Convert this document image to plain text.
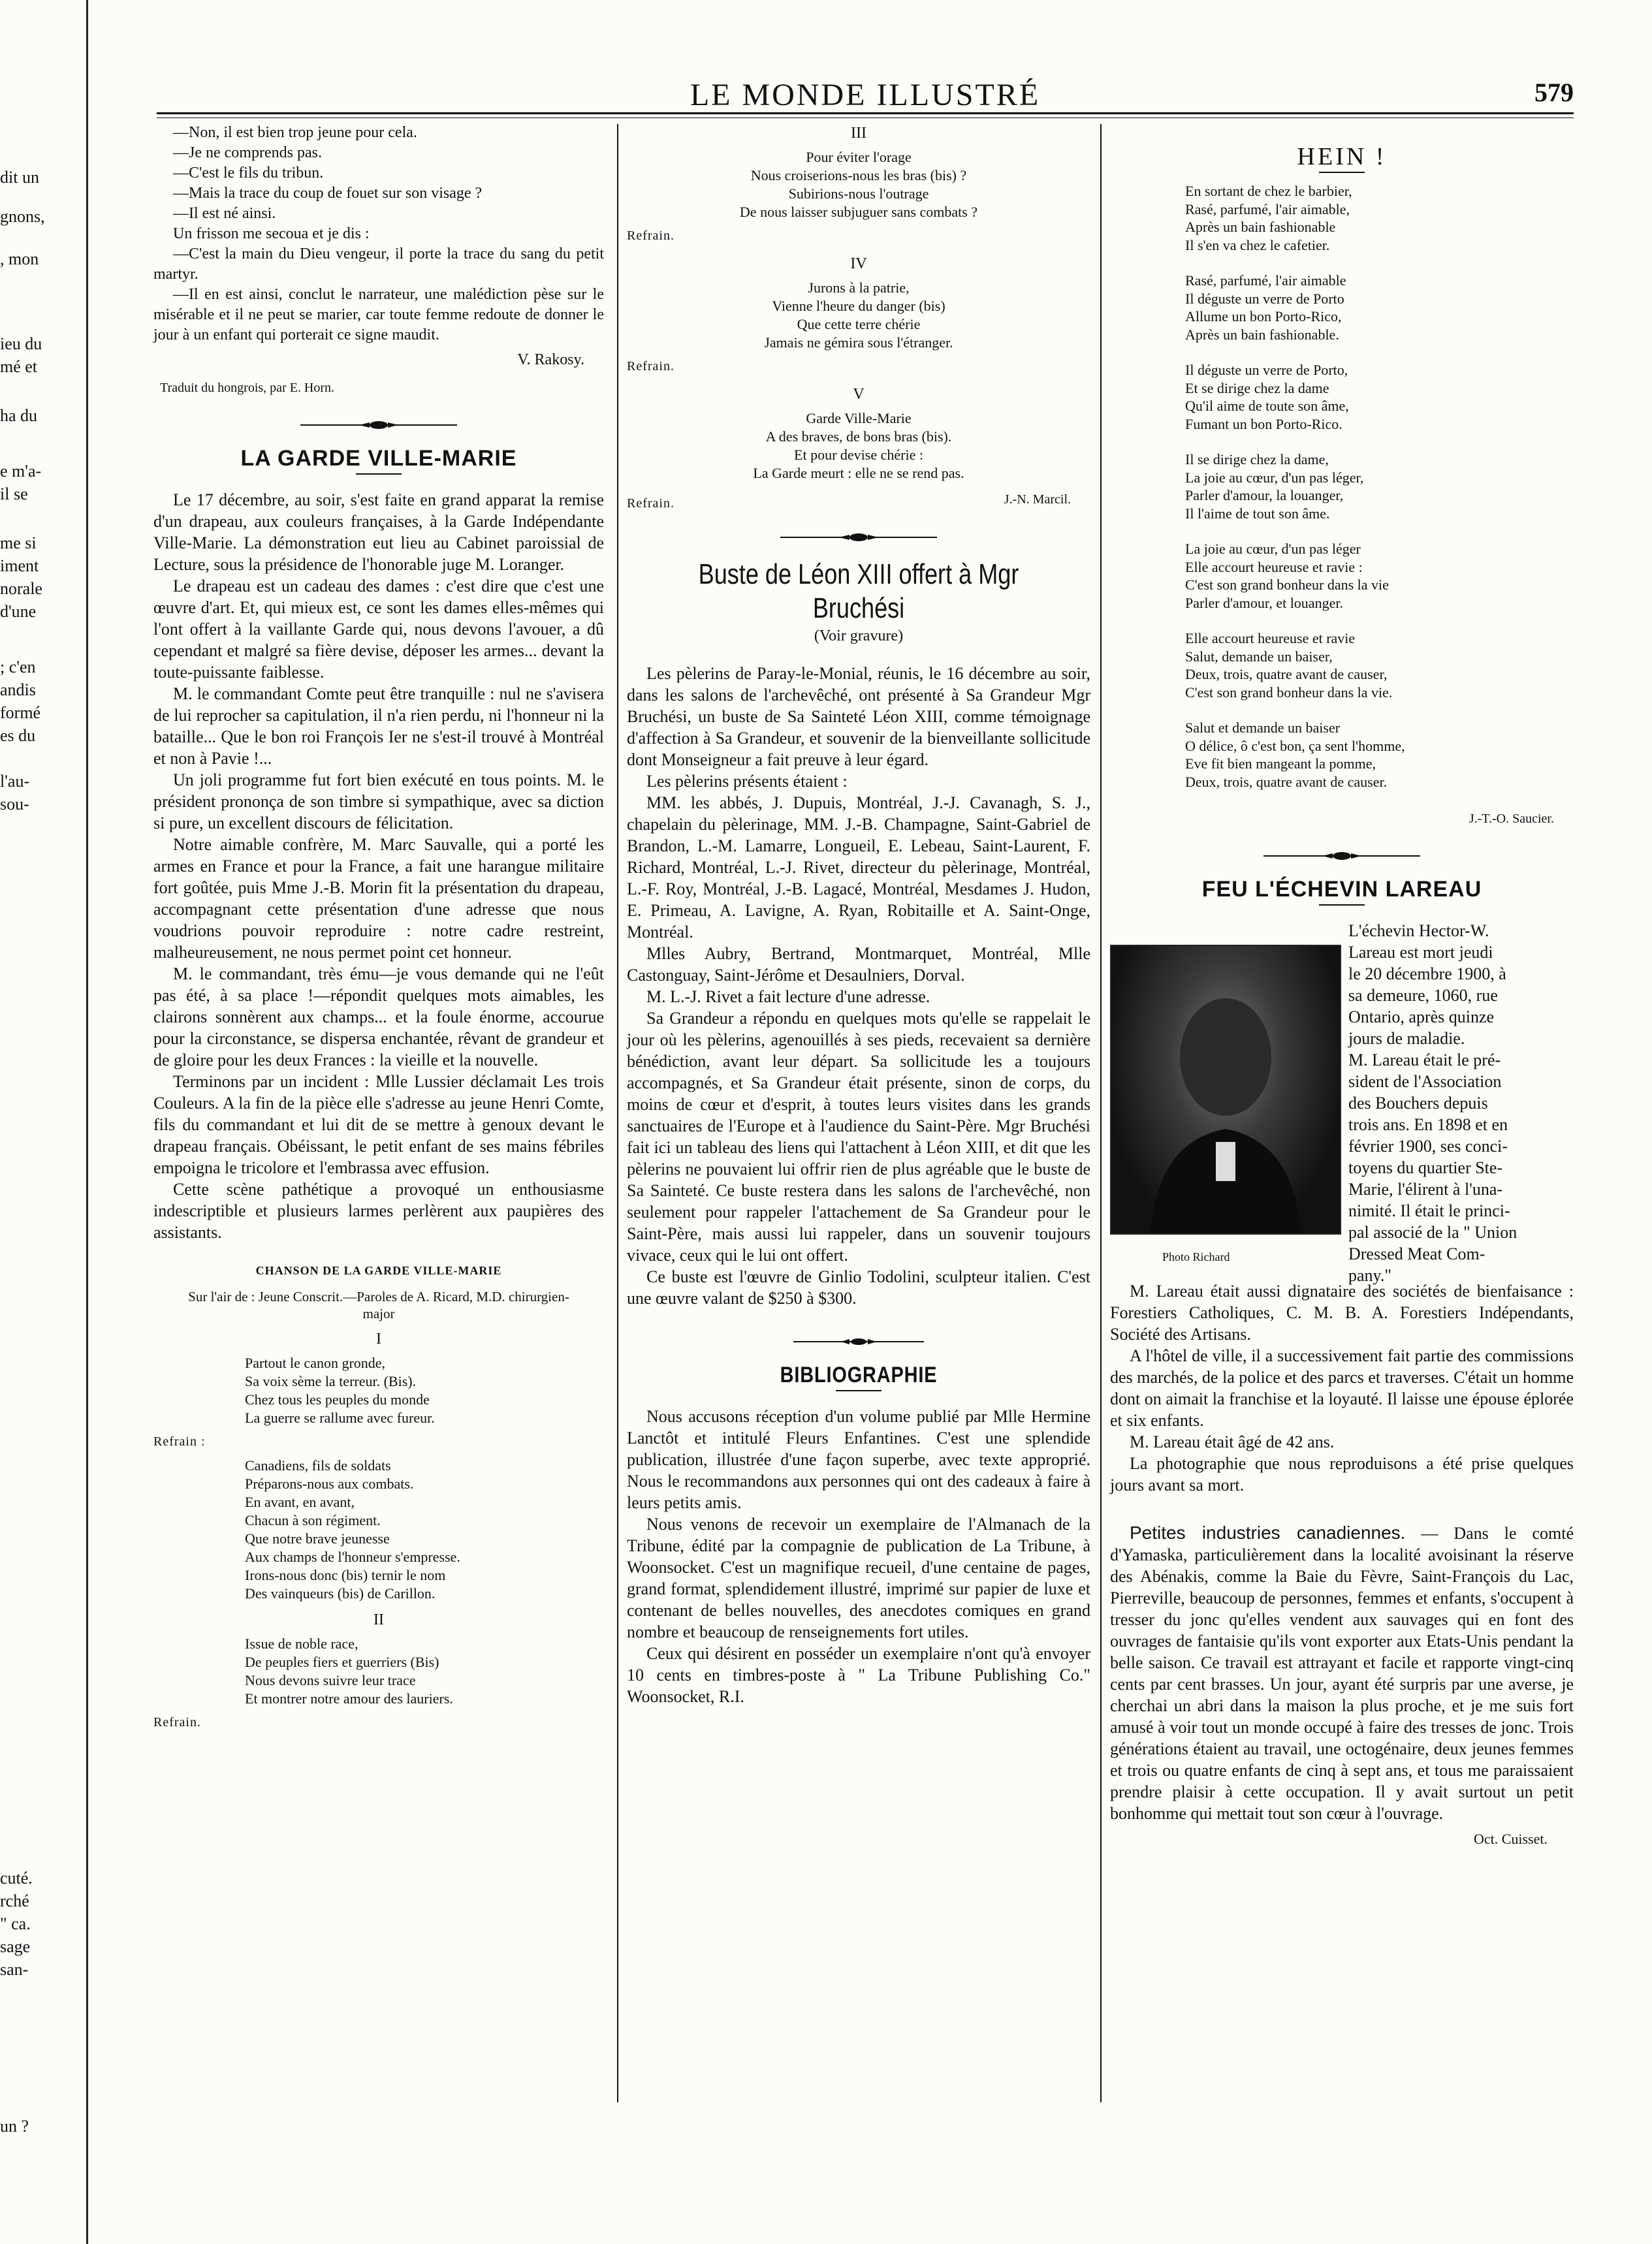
dit un
gnons,
, mon
ieu du
mé et
ha du
e m'a-
il se
me si
iment
norale
d'une
; c'en
andis
formé
es du
l'au-
sou-
cuté.
rché
" ca.
sage
san-
un ?
LE MONDE ILLUSTRÉ	579

—Non, il est bien trop jeune pour cela.

—Je ne comprends pas.

—C'est le fils du tribun.

—Mais la trace du coup de fouet sur son visage ?

—Il est né ainsi.

Un frisson me secoua et je dis :

—C'est la main du Dieu vengeur, il porte la trace du sang du petit martyr.

—Il en est ainsi, conclut le narrateur, une malédiction pèse sur le misérable et il ne peut se marier, car toute femme redoute de donner le jour à un enfant qui porterait ce signe maudit.

V. Rakosy.

Traduit du hongrois, par E. Horn.

LA GARDE VILLE-MARIE

Le 17 décembre, au soir, s'est faite en grand apparat la remise d'un drapeau, aux couleurs françaises, à la Garde Indépendante Ville-Marie. La démonstration eut lieu au Cabinet paroissial de Lecture, sous la présidence de l'honorable juge M. Loranger.

Le drapeau est un cadeau des dames : c'est dire que c'est une œuvre d'art. Et, qui mieux est, ce sont les dames elles-mêmes qui l'ont offert à la vaillante Garde qui, nous devons l'avouer, a dû cependant et malgré sa fière devise, déposer les armes... devant la toute-puissante faiblesse.

M. le commandant Comte peut être tranquille : nul ne s'avisera de lui reprocher sa capitulation, il n'a rien perdu, ni l'honneur ni la bataille... Que le bon roi François Ier ne s'est-il trouvé à Montréal et non à Pavie !...

Un joli programme fut fort bien exécuté en tous points. M. le président prononça de son timbre si sympathique, avec sa diction si pure, un excellent discours de félicitation.

Notre aimable confrère, M. Marc Sauvalle, qui a porté les armes en France et pour la France, a fait une harangue militaire fort goûtée, puis Mme J.-B. Morin fit la présentation du drapeau, accompagnant cette présentation d'une adresse que nous voudrions pouvoir reproduire : notre cadre restreint, malheureusement, ne nous permet point cet honneur.

M. le commandant, très ému—je vous demande qui ne l'eût pas été, à sa place !—répondit quelques mots aimables, les clairons sonnèrent aux champs... et la foule énorme, accourue pour la circonstance, se dispersa enchantée, rêvant de grandeur et de gloire pour les deux Frances : la vieille et la nouvelle.

Terminons par un incident : Mlle Lussier déclamait Les trois Couleurs. A la fin de la pièce elle s'adresse au jeune Henri Comte, fils du commandant et lui dit de se mettre à genoux devant le drapeau français. Obéissant, le petit enfant de ses mains fébriles empoigna le tricolore et l'embrassa avec effusion.

Cette scène pathétique a provoqué un enthousiasme indescriptible et plusieurs larmes perlèrent aux paupières des assistants.

CHANSON DE LA GARDE VILLE-MARIE
Sur l'air de : Jeune Conscrit.—Paroles de A. Ricard, M.D. chirurgien-major
I
Partout le canon gronde,
Sa voix sème la terreur. (Bis).
Chez tous les peuples du monde
La guerre se rallume avec fureur.
Refrain :
Canadiens, fils de soldats
Préparons-nous aux combats.
En avant, en avant,
Chacun à son régiment.
Que notre brave jeunesse
Aux champs de l'honneur s'empresse.
Irons-nous donc (bis) ternir le nom
Des vainqueurs (bis) de Carillon.
II
Issue de noble race,
De peuples fiers et guerriers (Bis)
Nous devons suivre leur trace
Et montrer notre amour des lauriers.
Refrain.
III
Pour éviter l'orage
Nous croiserions-nous les bras (bis) ?
Subirions-nous l'outrage
De nous laisser subjuguer sans combats ?
Refrain.
IV
Jurons à la patrie,
Vienne l'heure du danger (bis)
Que cette terre chérie
Jamais ne gémira sous l'étranger.
Refrain.
V
Garde Ville-Marie
A des braves, de bons bras (bis).
Et pour devise chérie :
La Garde meurt : elle ne se rend pas.
Refrain.	J.-N. Marcil.
Buste de Léon XIII offert à Mgr Bruchési
(Voir gravure)

Les pèlerins de Paray-le-Monial, réunis, le 16 décembre au soir, dans les salons de l'archevêché, ont présenté à Sa Grandeur Mgr Bruchési, un buste de Sa Sainteté Léon XIII, comme témoignage d'affection à Sa Grandeur, et souvenir de la bienveillante sollicitude dont Monseigneur a fait preuve à leur égard.

Les pèlerins présents étaient :

MM. les abbés, J. Dupuis, Montréal, J.-J. Cavanagh, S. J., chapelain du pèlerinage, MM. J.-B. Champagne, Saint-Gabriel de Brandon, L.-M. Lamarre, Longueil, E. Lebeau, Saint-Laurent, F. Richard, Montréal, L.-J. Rivet, directeur du pèlerinage, Montréal, L.-F. Roy, Montréal, J.-B. Lagacé, Montréal, Mesdames J. Hudon, E. Primeau, A. Lavigne, A. Ryan, Robitaille et A. Saint-Onge, Montréal.

Mlles Aubry, Bertrand, Montmarquet, Montréal, Mlle Castonguay, Saint-Jérôme et Desaulniers, Dorval.

M. L.-J. Rivet a fait lecture d'une adresse.

Sa Grandeur a répondu en quelques mots qu'elle se rappelait le jour où les pèlerins, agenouillés à ses pieds, recevaient sa dernière bénédiction, avant leur départ. Sa sollicitude les a toujours accompagnés, et Sa Grandeur était présente, sinon de corps, du moins de cœur et d'esprit, à toutes leurs visites dans les grands sanctuaires de l'Europe et à l'audience du Saint-Père. Mgr Bruchési fait ici un tableau des liens qui l'attachent à Léon XIII, et dit que les pèlerins ne pouvaient lui offrir rien de plus agréable que le buste de Sa Sainteté. Ce buste restera dans les salons de l'archevêché, non seulement pour rappeler l'attachement de Sa Grandeur pour le Saint-Père, mais aussi lui rappeler, dans un souvenir toujours vivace, ceux qui le lui ont offert.

Ce buste est l'œuvre de Ginlio Todolini, sculpteur italien. C'est une œuvre valant de $250 à $300.

BIBLIOGRAPHIE

Nous accusons réception d'un volume publié par Mlle Hermine Lanctôt et intitulé Fleurs Enfantines. C'est une splendide publication, illustrée d'une façon superbe, avec texte approprié. Nous le recommandons aux personnes qui ont des cadeaux à faire à leurs petits amis.

Nous venons de recevoir un exemplaire de l'Almanach de la Tribune, édité par la compagnie de publication de La Tribune, à Woonsocket. C'est un magnifique recueil, d'une centaine de pages, grand format, splendidement illustré, imprimé sur papier de luxe et contenant de belles nouvelles, des anecdotes comiques en grand nombre et beaucoup de renseignements fort utiles.

Ceux qui désirent en posséder un exemplaire n'ont qu'à envoyer 10 cents en timbres-poste à " La Tribune Publishing Co." Woonsocket, R.I.

HEIN !
En sortant de chez le barbier,
Rasé, parfumé, l'air aimable,
Après un bain fashionable
Il s'en va chez le cafetier.
Rasé, parfumé, l'air aimable
Il déguste un verre de Porto
Allume un bon Porto-Rico,
Après un bain fashionable.
Il déguste un verre de Porto,
Et se dirige chez la dame
Qu'il aime de toute son âme,
Fumant un bon Porto-Rico.
Il se dirige chez la dame,
La joie au cœur, d'un pas léger,
Parler d'amour, la louanger,
Il l'aime de tout son âme.
La joie au cœur, d'un pas léger
Elle accourt heureuse et ravie :
C'est son grand bonheur dans la vie
Parler d'amour, et louanger.
Elle accourt heureuse et ravie
Salut, demande un baiser,
Deux, trois, quatre avant de causer,
C'est son grand bonheur dans la vie.
Salut et demande un baiser
O délice, ô c'est bon, ça sent l'homme,
Eve fit bien mangeant la pomme,
Deux, trois, quatre avant de causer.

J.-T.-O. Saucier.

FEU L'ÉCHEVIN LAREAU
Photo Richard
L'échevin Hector-W.
Lareau est mort jeudi
le 20 décembre 1900, à
sa demeure, 1060, rue
Ontario, après quinze
jours de maladie.
M. Lareau était le pré-
sident de l'Association
des Bouchers depuis
trois ans. En 1898 et en
février 1900, ses conci-
toyens du quartier Ste-
Marie, l'élirent à l'una-
nimité. Il était le princi-
pal associé de la " Union
Dressed Meat Com-
pany."

M. Lareau était aussi dignataire des sociétés de bienfaisance : Forestiers Catholiques, C. M. B. A. Forestiers Indépendants, Société des Artisans.

A l'hôtel de ville, il a successivement fait partie des commissions des marchés, de la police et des parcs et traverses. C'était un homme dont on aimait la franchise et la loyauté. Il laisse une épouse éplorée et six enfants.

M. Lareau était âgé de 42 ans.

La photographie que nous reproduisons a été prise quelques jours avant sa mort.

Petites industries canadiennes. — Dans le comté d'Yamaska, particulièrement dans la localité avoisinant la réserve des Abénakis, comme la Baie du Fèvre, Saint-François du Lac, Pierreville, beaucoup de personnes, femmes et enfants, s'occupent à tresser du jonc qu'elles vendent aux sauvages qui en font des ouvrages de fantaisie qu'ils vont exporter aux Etats-Unis pendant la belle saison. Ce travail est attrayant et facile et rapporte vingt-cinq cents par cent brasses. Un jour, ayant été surpris par une averse, je cherchai un abri dans la maison la plus proche, et je me suis fort amusé à voir tout un monde occupé à faire des tresses de jonc. Trois générations étaient au travail, une octogénaire, deux jeunes femmes et trois ou quatre enfants de cinq à sept ans, et tous me paraissaient prendre plaisir à cette occupation. Il y avait surtout un petit bonhomme qui mettait tout son cœur à l'ouvrage.

Oct. Cuisset.
